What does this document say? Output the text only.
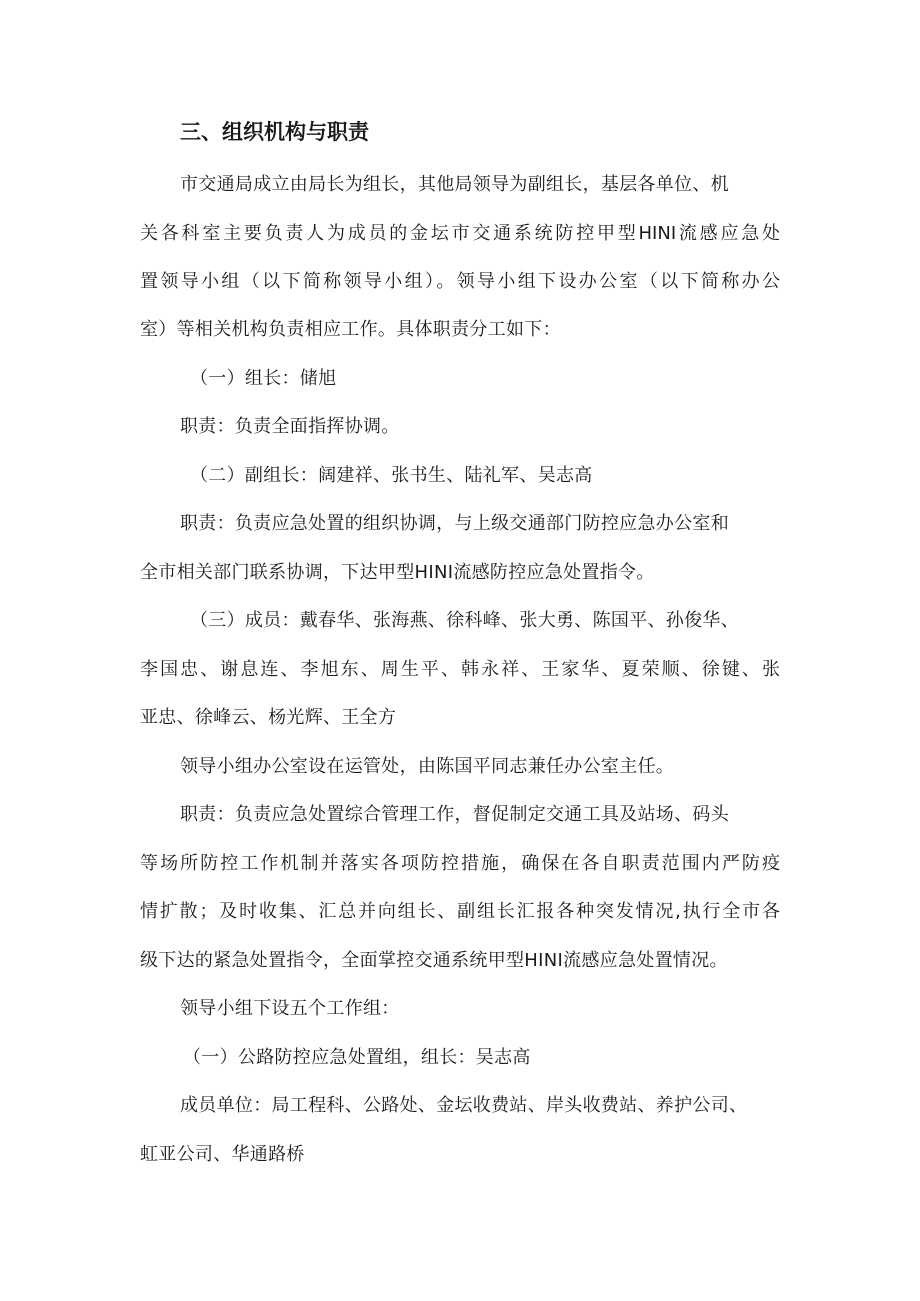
三、组织机构与职责
市交通局成立由局长为组长，其他局领导为副组长，基层各单位、机
关各科室主要负责人为成员的金坛市交通系统防控甲型HINI流感应急处
置领导小组（以下简称领导小组）。领导小组下设办公室（以下简称办公
室）等相关机构负责相应工作。具体职责分工如下：
（一）组长：储旭
职责：负责全面指挥协调。
（二）副组长：阔建祥、张书生、陆礼军、吴志高
职责：负责应急处置的组织协调，与上级交通部门防控应急办公室和
全市相关部门联系协调，下达甲型HINI流感防控应急处置指令。
（三）成员：戴春华、张海燕、徐科峰、张大勇、陈国平、孙俊华、
李国忠、谢息连、李旭东、周生平、韩永祥、王家华、夏荣顺、徐键、张
亚忠、徐峰云、杨光辉、王全方
领导小组办公室设在运管处，由陈国平同志兼任办公室主任。
职责：负责应急处置综合管理工作，督促制定交通工具及站场、码头
等场所防控工作机制并落实各项防控措施，确保在各自职责范围内严防疫
情扩散；及时收集、汇总并向组长、副组长汇报各种突发情况,执行全市各
级下达的紧急处置指令，全面掌控交通系统甲型HINI流感应急处置情况。
领导小组下设五个工作组：
（一）公路防控应急处置组，组长：吴志高
成员单位：局工程科、公路处、金坛收费站、岸头收费站、养护公司、
虹亚公司、华通路桥
